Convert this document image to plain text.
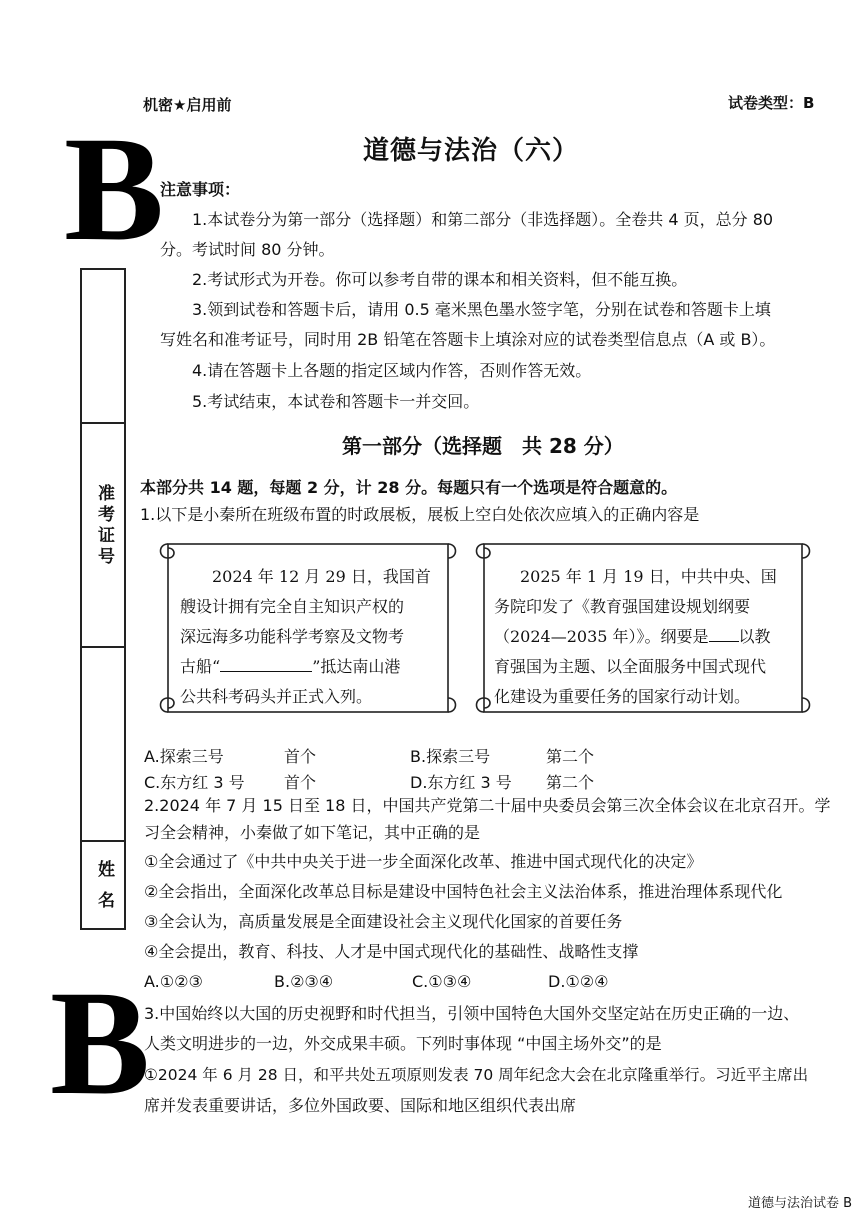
机密★启用前	试卷类型：B
B
B
道德与法治（六）
注意事项：
1.本试卷分为第一部分（选择题）和第二部分（非选择题）。全卷共 4 页，总分 80
分。考试时间 80 分钟。
2.考试形式为开卷。你可以参考自带的课本和相关资料，但不能互换。
3.领到试卷和答题卡后，请用 0.5 毫米黑色墨水签字笔，分别在试卷和答题卡上填
写姓名和准考证号，同时用 2B 铅笔在答题卡上填涂对应的试卷类型信息点（A 或 B）。
4.请在答题卡上各题的指定区域内作答，否则作答无效。
5.考试结束，本试卷和答题卡一并交回。
准考证号
姓名
第一部分（选择题　共 28 分）
本部分共 14 题，每题 2 分，计 28 分。每题只有一个选项是符合题意的。
1.以下是小秦所在班级布置的时政展板，展板上空白处依次应填入的正确内容是
2024 年 12 月 29 日，我国首
艘设计拥有完全自主知识产权的
深远海多功能科学考察及文物考
古船“	”抵达南山港
公共科考码头并正式入列。
2025 年 1 月 19 日，中共中央、国
务院印发了《教育强国建设规划纲要
（2024—2035 年）》。纲要是 以教
育强国为主题、以全面服务中国式现代
化建设为重要任务的国家行动计划。
A.探索三号	首个	B.探索三号	第二个
C.东方红 3 号 首个	D.东方红 3 号 第二个
2.2024 年 7 月 15 日至 18 日，中国共产党第二十届中央委员会第三次全体会议在北京召开。学
习全会精神，小秦做了如下笔记，其中正确的是
①全会通过了《中共中央关于进一步全面深化改革、推进中国式现代化的决定》
②全会指出，全面深化改革总目标是建设中国特色社会主义法治体系，推进治理体系现代化
③全会认为，高质量发展是全面建设社会主义现代化国家的首要任务
④全会提出，教育、科技、人才是中国式现代化的基础性、战略性支撑
A.①②③	B.②③④	C.①③④	D.①②④
3.中国始终以大国的历史视野和时代担当，引领中国特色大国外交坚定站在历史正确的一边、
人类文明进步的一边，外交成果丰硕。下列时事体现 “中国主场外交”的是
①2024 年 6 月 28 日，和平共处五项原则发表 70 周年纪念大会在北京隆重举行。习近平主席出
席并发表重要讲话，多位外国政要、国际和地区组织代表出席
道德与法治试卷 B
